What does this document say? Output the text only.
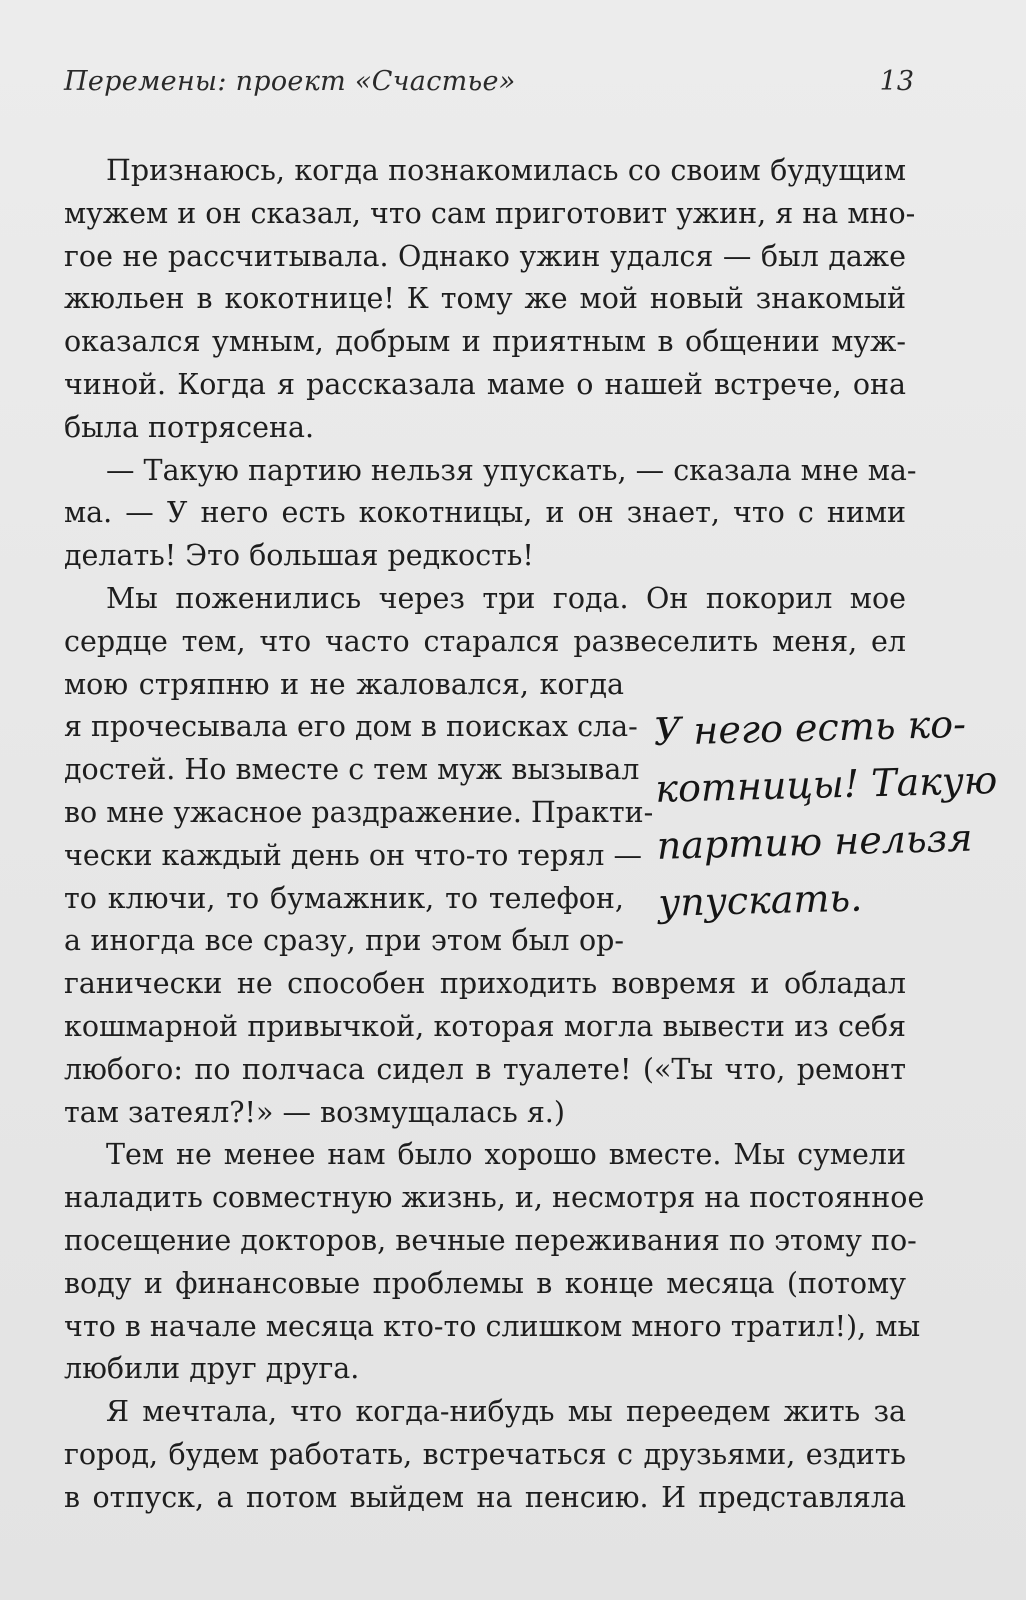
Перемены: проект «Счастье»	13
Признаюсь, когда познакомилась со своим будущим
мужем и он сказал, что сам приготовит ужин, я на мно-
гое не рассчитывала. Однако ужин удался — был даже
жюльен в кокотнице! К тому же мой новый знакомый
оказался умным, добрым и приятным в общении муж-
чиной. Когда я рассказала маме о нашей встрече, она
была потрясена.
— Такую партию нельзя упускать, — сказала мне ма-
ма. — У него есть кокотницы, и он знает, что с ними
делать! Это большая редкость!
Мы поженились через три года. Он покорил мое
сердце тем, что часто старался развеселить меня, ел
мою стряпню и не жаловался, когда
я прочесывала его дом в поисках сла-
достей. Но вместе с тем муж вызывал
во мне ужасное раздражение. Практи-
чески каждый день он что-то терял —
то ключи, то бумажник, то телефон,
а иногда все сразу, при этом был ор-
ганически не способен приходить вовремя и обладал
кошмарной привычкой, которая могла вывести из себя
любого: по полчаса сидел в туалете! («Ты что, ремонт
там затеял?!» — возмущалась я.)
Тем не менее нам было хорошо вместе. Мы сумели
наладить совместную жизнь, и, несмотря на постоянное
посещение докторов, вечные переживания по этому по-
воду и финансовые проблемы в конце месяца (потому
что в начале месяца кто-то слишком много тратил!), мы
любили друг друга.
Я мечтала, что когда-нибудь мы переедем жить за
город, будем работать, встречаться с друзьями, ездить
в отпуск, а потом выйдем на пенсию. И представляла
У него есть ко-
котницы! Такую
партию нельзя
упускать.
